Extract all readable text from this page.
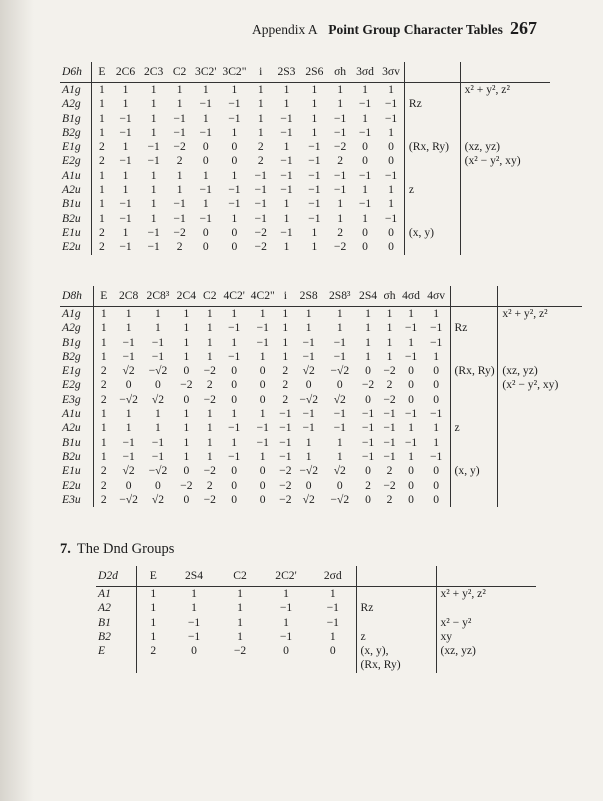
Appendix A Point Group Character Tables 267
D6h	E	2C6	2C3	C2	3C2'	3C2"	i	2S3	2S6	σh	3σd	3σv		
A1g	1	1	1	1	1	1	1	1	1	1	1	1		x² + y², z²
A2g	1	1	1	1	−1	−1	1	1	1	1	−1	−1	Rz	
B1g	1	−1	1	−1	1	−1	1	−1	1	−1	1	−1		
B2g	1	−1	1	−1	−1	1	1	−1	1	−1	−1	1		
E1g	2	1	−1	−2	0	0	2	1	−1	−2	0	0	(Rx, Ry)	(xz, yz)
E2g	2	−1	−1	2	0	0	2	−1	−1	2	0	0		(x² − y², xy)
A1u	1	1	1	1	1	1	−1	−1	−1	−1	−1	−1		
A2u	1	1	1	1	−1	−1	−1	−1	−1	−1	1	1	z	
B1u	1	−1	1	−1	1	−1	−1	1	−1	1	−1	1		
B2u	1	−1	1	−1	−1	1	−1	1	−1	1	1	−1		
E1u	2	1	−1	−2	0	0	−2	−1	1	2	0	0	(x, y)	
E2u	2	−1	−1	2	0	0	−2	1	1	−2	0	0		
D8h	E	2C8	2C8³	2C4	C2	4C2'	4C2"	i	2S8	2S8³	2S4	σh	4σd	4σv		
A1g	1	1	1	1	1	1	1	1	1	1	1	1	1	1		x² + y², z²
A2g	1	1	1	1	1	−1	−1	1	1	1	1	1	−1	−1	Rz	
B1g	1	−1	−1	1	1	1	−1	1	−1	−1	1	1	1	−1		
B2g	1	−1	−1	1	1	−1	1	1	−1	−1	1	1	−1	1		
E1g	2	√2	−√2	0	−2	0	0	2	√2	−√2	0	−2	0	0	(Rx, Ry)	(xz, yz)
E2g	2	0	0	−2	2	0	0	2	0	0	−2	2	0	0		(x² − y², xy)
E3g	2	−√2	√2	0	−2	0	0	2	−√2	√2	0	−2	0	0		
A1u	1	1	1	1	1	1	1	−1	−1	−1	−1	−1	−1	−1		
A2u	1	1	1	1	1	−1	−1	−1	−1	−1	−1	−1	1	1	z	
B1u	1	−1	−1	1	1	1	−1	−1	1	1	−1	−1	−1	1		
B2u	1	−1	−1	1	1	−1	1	−1	1	1	−1	−1	1	−1		
E1u	2	√2	−√2	0	−2	0	0	−2	−√2	√2	0	2	0	0	(x, y)	
E2u	2	0	0	−2	2	0	0	−2	0	0	2	−2	0	0		
E3u	2	−√2	√2	0	−2	0	0	−2	√2	−√2	0	2	0	0		
7. The Dnd Groups
D2d	E	2S4	C2	2C2'	2σd		
A1	1	1	1	1	1		x² + y², z²
A2	1	1	1	−1	−1	Rz	
B1	1	−1	1	1	−1		x² − y²
B2	1	−1	1	−1	1	z	xy
E	2	0	−2	0	0	(x, y),	(xz, yz)
						(Rx, Ry)	
